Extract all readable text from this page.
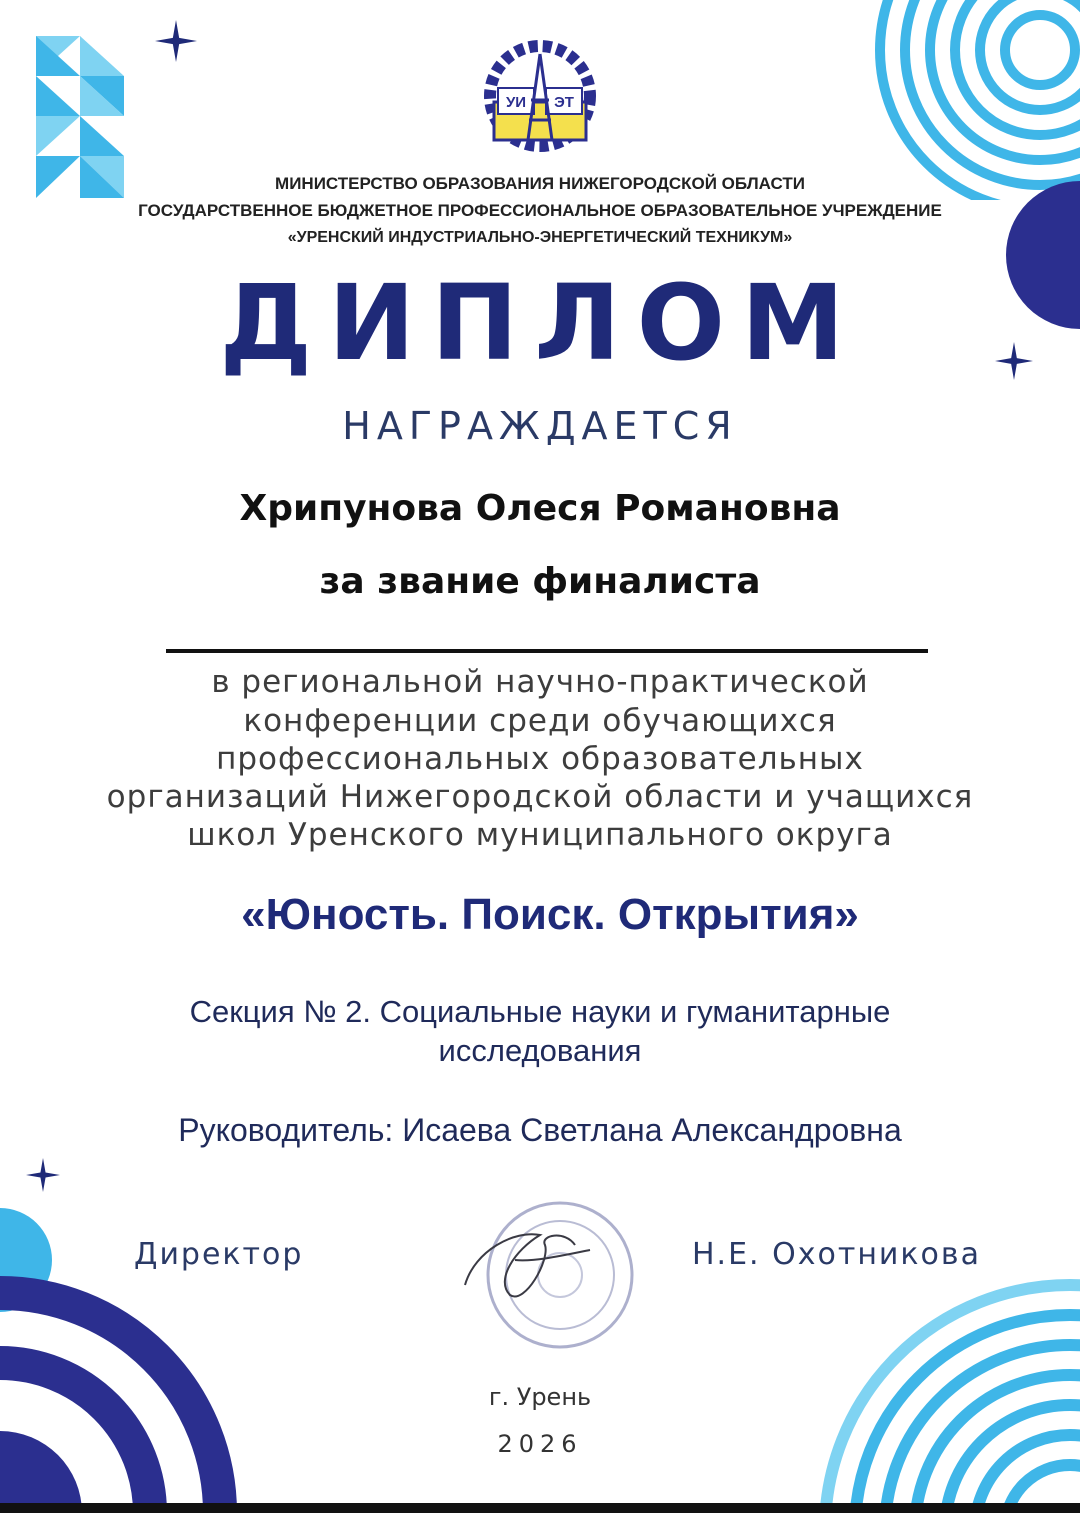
УИ ЭТ
МИНИСТЕРСТВО ОБРАЗОВАНИЯ НИЖЕГОРОДСКОЙ ОБЛАСТИ
ГОСУДАРСТВЕННОЕ БЮДЖЕТНОЕ ПРОФЕССИОНАЛЬНОЕ ОБРАЗОВАТЕЛЬНОЕ УЧРЕЖДЕНИЕ
«УРЕНСКИЙ ИНДУСТРИАЛЬНО-ЭНЕРГЕТИЧЕСКИЙ ТЕХНИКУМ»
ДИПЛОМ
НАГРАЖДАЕТСЯ
Хрипунова Олеся Романовна
за звание финалиста
в региональной научно-практической
конференции среди обучающихся
профессиональных образовательных
организаций Нижегородской области и учащихся
школ Уренского муниципального округа
«Юность. Поиск. Открытия»
Секция № 2. Социальные науки и гуманитарные
исследования
Руководитель: Исаева Светлана Александровна
Директор	Н.Е. Охотникова
г. Урень
2026
